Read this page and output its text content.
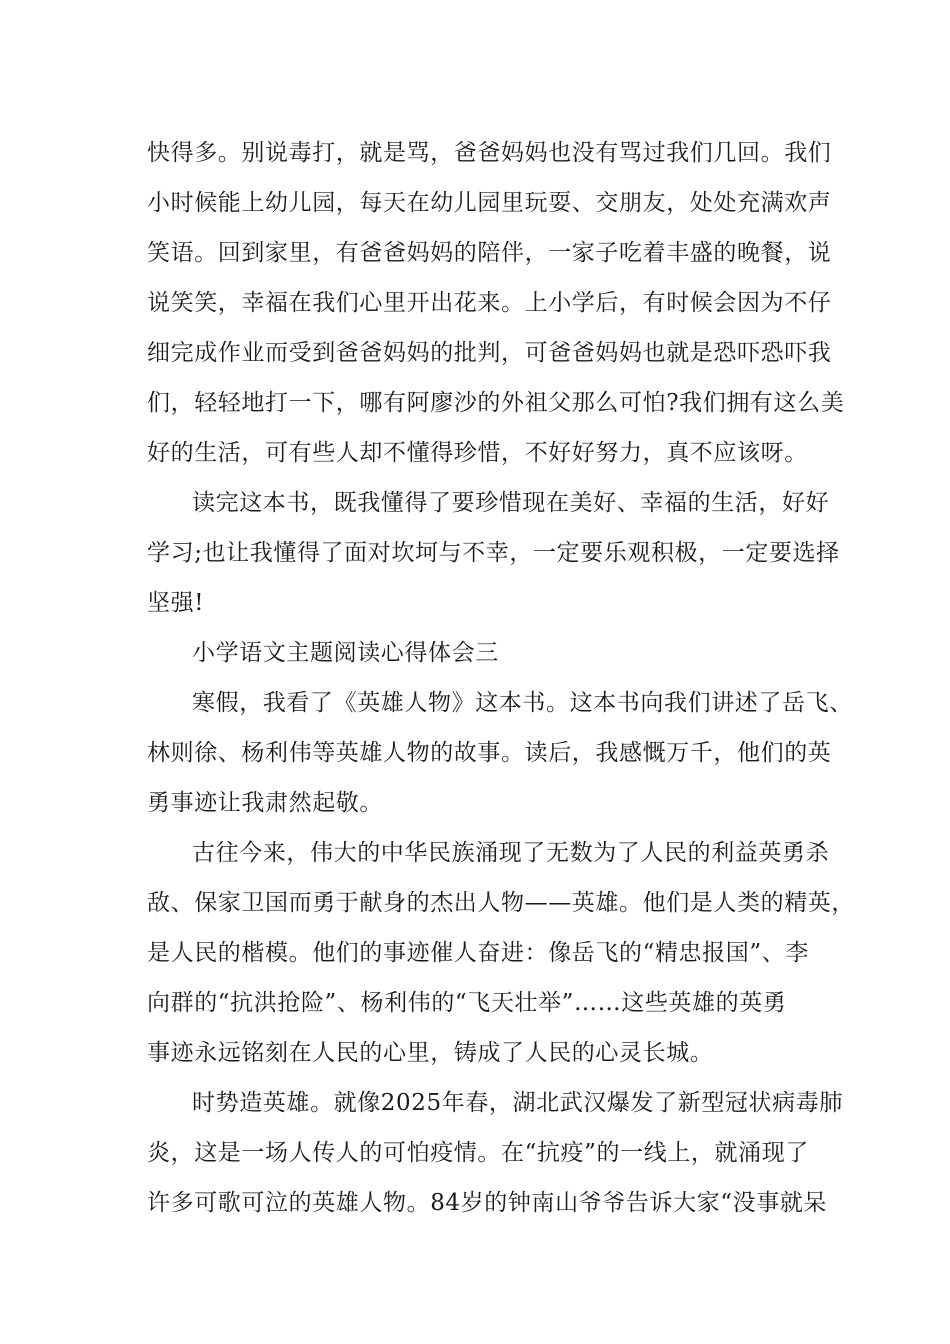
快得多。别说毒打，就是骂，爸爸妈妈也没有骂过我们几回。我们
小时候能上幼儿园，每天在幼儿园里玩耍、交朋友，处处充满欢声
笑语。回到家里，有爸爸妈妈的陪伴，一家子吃着丰盛的晚餐，说
说笑笑，幸福在我们心里开出花来。上小学后，有时候会因为不仔
细完成作业而受到爸爸妈妈的批判，可爸爸妈妈也就是恐吓恐吓我
们，轻轻地打一下，哪有阿廖沙的外祖父那么可怕?我们拥有这么美
好的生活，可有些人却不懂得珍惜，不好好努力，真不应该呀。
读完这本书，既我懂得了要珍惜现在美好、幸福的生活，好好
学习;也让我懂得了面对坎坷与不幸，一定要乐观积极，一定要选择
坚强!
小学语文主题阅读心得体会三
寒假，我看了《英雄人物》这本书。这本书向我们讲述了岳飞、
林则徐、杨利伟等英雄人物的故事。读后，我感慨万千，他们的英
勇事迹让我肃然起敬。
古往今来，伟大的中华民族涌现了无数为了人民的利益英勇杀
敌、保家卫国而勇于献身的杰出人物——英雄。他们是人类的精英，
是人民的楷模。他们的事迹催人奋进：像岳飞的“精忠报国”、李
向群的“抗洪抢险”、杨利伟的“飞天壮举”……这些英雄的英勇
事迹永远铭刻在人民的心里，铸成了人民的心灵长城。
时势造英雄。就像2025年春，湖北武汉爆发了新型冠状病毒肺
炎，这是一场人传人的可怕疫情。在“抗疫”的一线上，就涌现了
许多可歌可泣的英雄人物。84岁的钟南山爷爷告诉大家“没事就呆
